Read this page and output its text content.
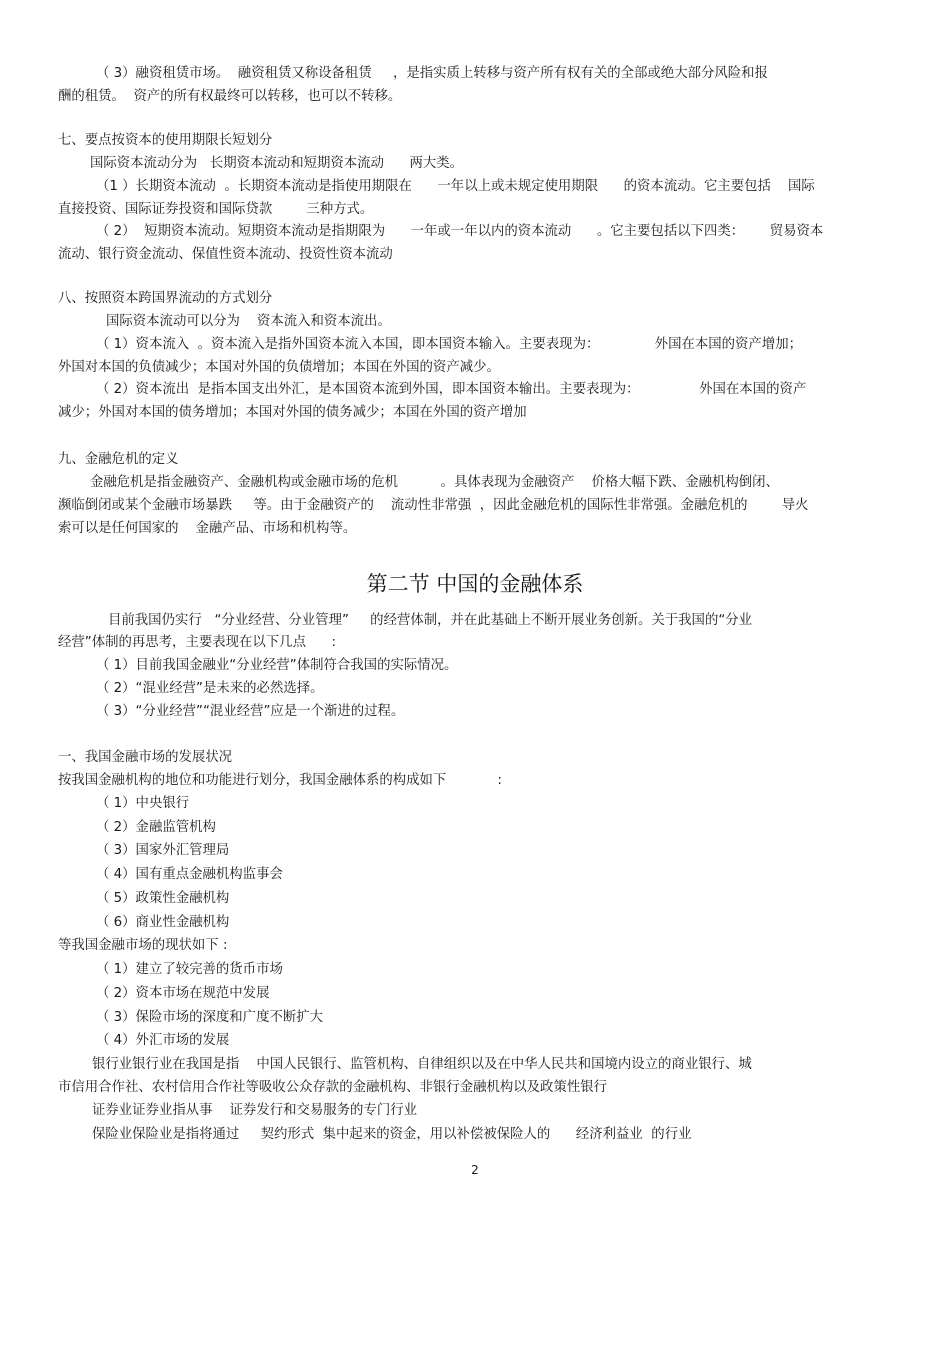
（ 3）融资租赁市场。  融资租赁又称设备租赁     ，是指实质上转移与资产所有权有关的全部或绝大部分风险和报
酬的租赁。  资产的所有权最终可以转移，也可以不转移。
七、要点按资本的使用期限长短划分
国际资本流动分为   长期资本流动和短期资本流动      两大类。
（1 ）长期资本流动  。长期资本流动是指使用期限在      一年以上或未规定使用期限      的资本流动。它主要包括    国际
直接投资、国际证券投资和国际贷款        三种方式。
（ 2）  短期资本流动。短期资本流动是指期限为      一年或一年以内的资本流动      。它主要包括以下四类：      贸易资本
流动、银行资金流动、保值性资本流动、投资性资本流动
八、按照资本跨国界流动的方式划分
国际资本流动可以分为    资本流入和资本流出。
（ 1）资本流入  。资本流入是指外国资本流入本国，即本国资本输入。主要表现为：             外国在本国的资产增加；
外国对本国的负债减少；本国对外国的负债增加；本国在外国的资产减少。
（ 2）资本流出  是指本国支出外汇，是本国资本流到外国，即本国资本输出。主要表现为：              外国在本国的资产
减少；外国对本国的债务增加；本国对外国的债务减少；本国在外国的资产增加
九、金融危机的定义
金融危机是指金融资产、金融机构或金融市场的危机          。具体表现为金融资产    价格大幅下跌、金融机构倒闭、
濒临倒闭或某个金融市场暴跌     等。由于金融资产的    流动性非常强  ，因此金融危机的国际性非常强。金融危机的        导火
索可以是任何国家的    金融产品、市场和机构等。
第二节 中国的金融体系
目前我国仍实行   “分业经营、分业管理”     的经营体制，并在此基础上不断开展业务创新。关于我国的“分业
经营”体制的再思考，主要表现在以下几点      :
（ 1）目前我国金融业“分业经营”体制符合我国的实际情况。
（ 2）“混业经营”是未来的必然选择。
（ 3）“分业经营”“混业经营”应是一个渐进的过程。
一、我国金融市场的发展状况
按我国金融机构的地位和功能进行划分，我国金融体系的构成如下            :
（ 1）中央银行
（ 2）金融监管机构
（ 3）国家外汇管理局
（ 4）国有重点金融机构监事会
（ 5）政策性金融机构
（ 6）商业性金融机构
等我国金融市场的现状如下 :
（ 1）建立了较完善的货币市场
（ 2）资本市场在规范中发展
（ 3）保险市场的深度和广度不断扩大
（ 4）外汇市场的发展
银行业银行业在我国是指    中国人民银行、监管机构、自律组织以及在中华人民共和国境内设立的商业银行、城
市信用合作社、农村信用合作社等吸收公众存款的金融机构、非银行金融机构以及政策性银行
证券业证券业指从事    证券发行和交易服务的专门行业
保险业保险业是指将通过     契约形式  集中起来的资金，用以补偿被保险人的      经济利益业  的行业
2
